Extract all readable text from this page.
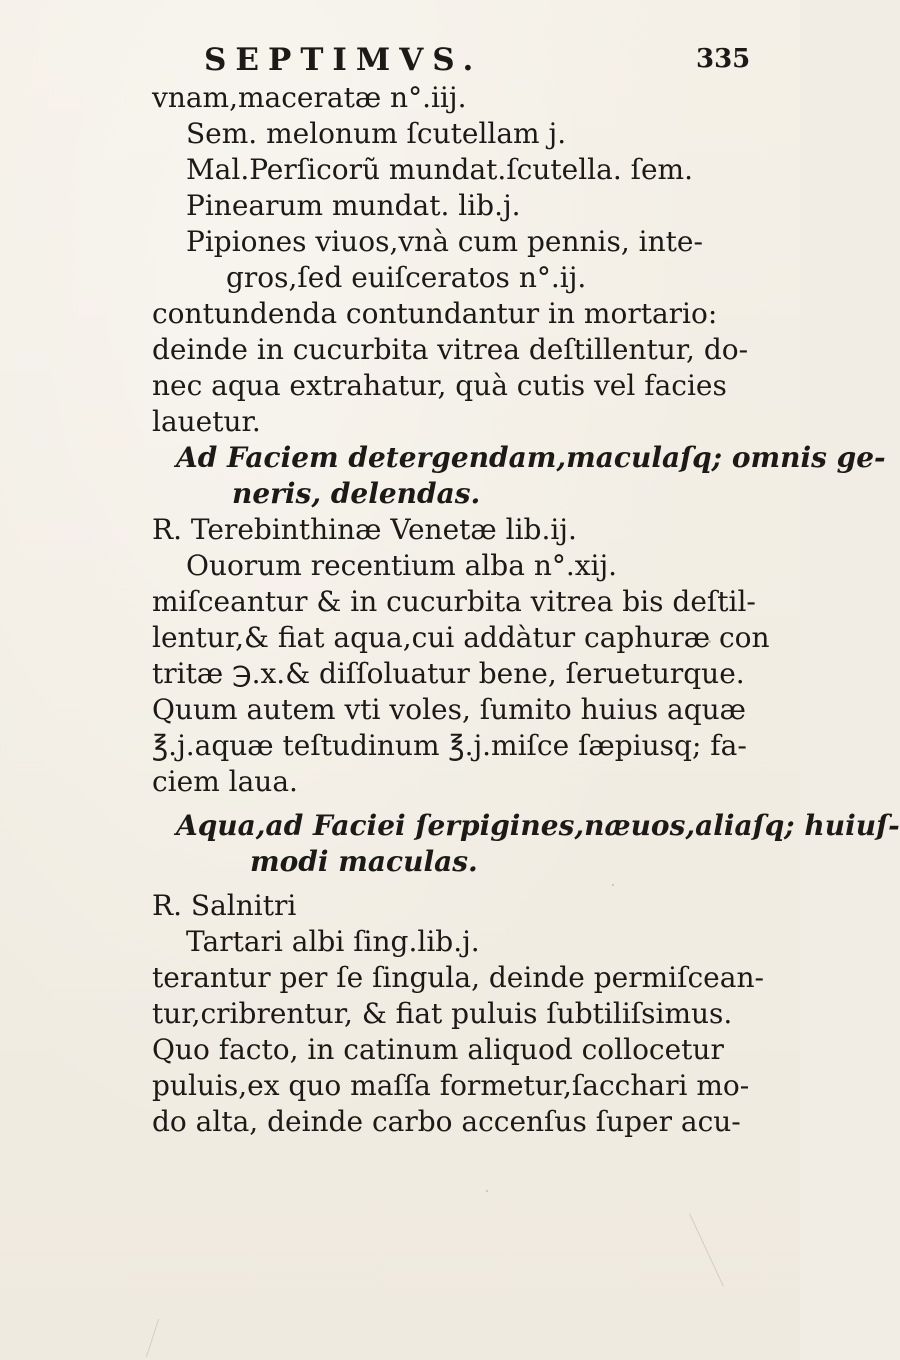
SEPTIMVS.	335
vnam,maceratæ n°.iij.
Sem. melonum ſcutellam j.
Mal.Perſicorũ mundat.ſcutella. ſem.
Pinearum mundat. lib.j.
Pipiones viuos,vnà cum pennis, inte-
gros,ſed euiſceratos n°.ij.
contundenda contundantur in mortario:
deinde in cucurbita vitrea deſtillentur, do-
nec aqua extrahatur, quà cutis vel facies
lauetur.
Ad Faciem detergendam,maculaſq; omnis ge-
neris, delendas.
R. Terebinthinæ Venetæ lib.ij.
Ouorum recentium alba n°.xij.
miſceantur & in cucurbita vitrea bis deſtil-
lentur,& fiat aqua,cui addàtur caphuræ con
tritæ ℈.x.& diſſoluatur bene, ſerueturque.
Quum autem vti voles, ſumito huius aquæ
℥.j.aquæ teſtudinum ℥.j.miſce ſæpiusq; fa-
ciem laua.
Aqua,ad Faciei ſerpigines,næuos,aliaſq; huiuſ-
modi maculas.
R. Salnitri
Tartari albi ſing.lib.j.
terantur per ſe ſingula, deinde permiſcean-
tur,cribrentur, & fiat puluis ſubtiliſsimus.
Quo facto, in catinum aliquod collocetur
puluis,ex quo maſſa formetur,ſacchari mo-
do alta, deinde carbo accenſus ſuper acu-
